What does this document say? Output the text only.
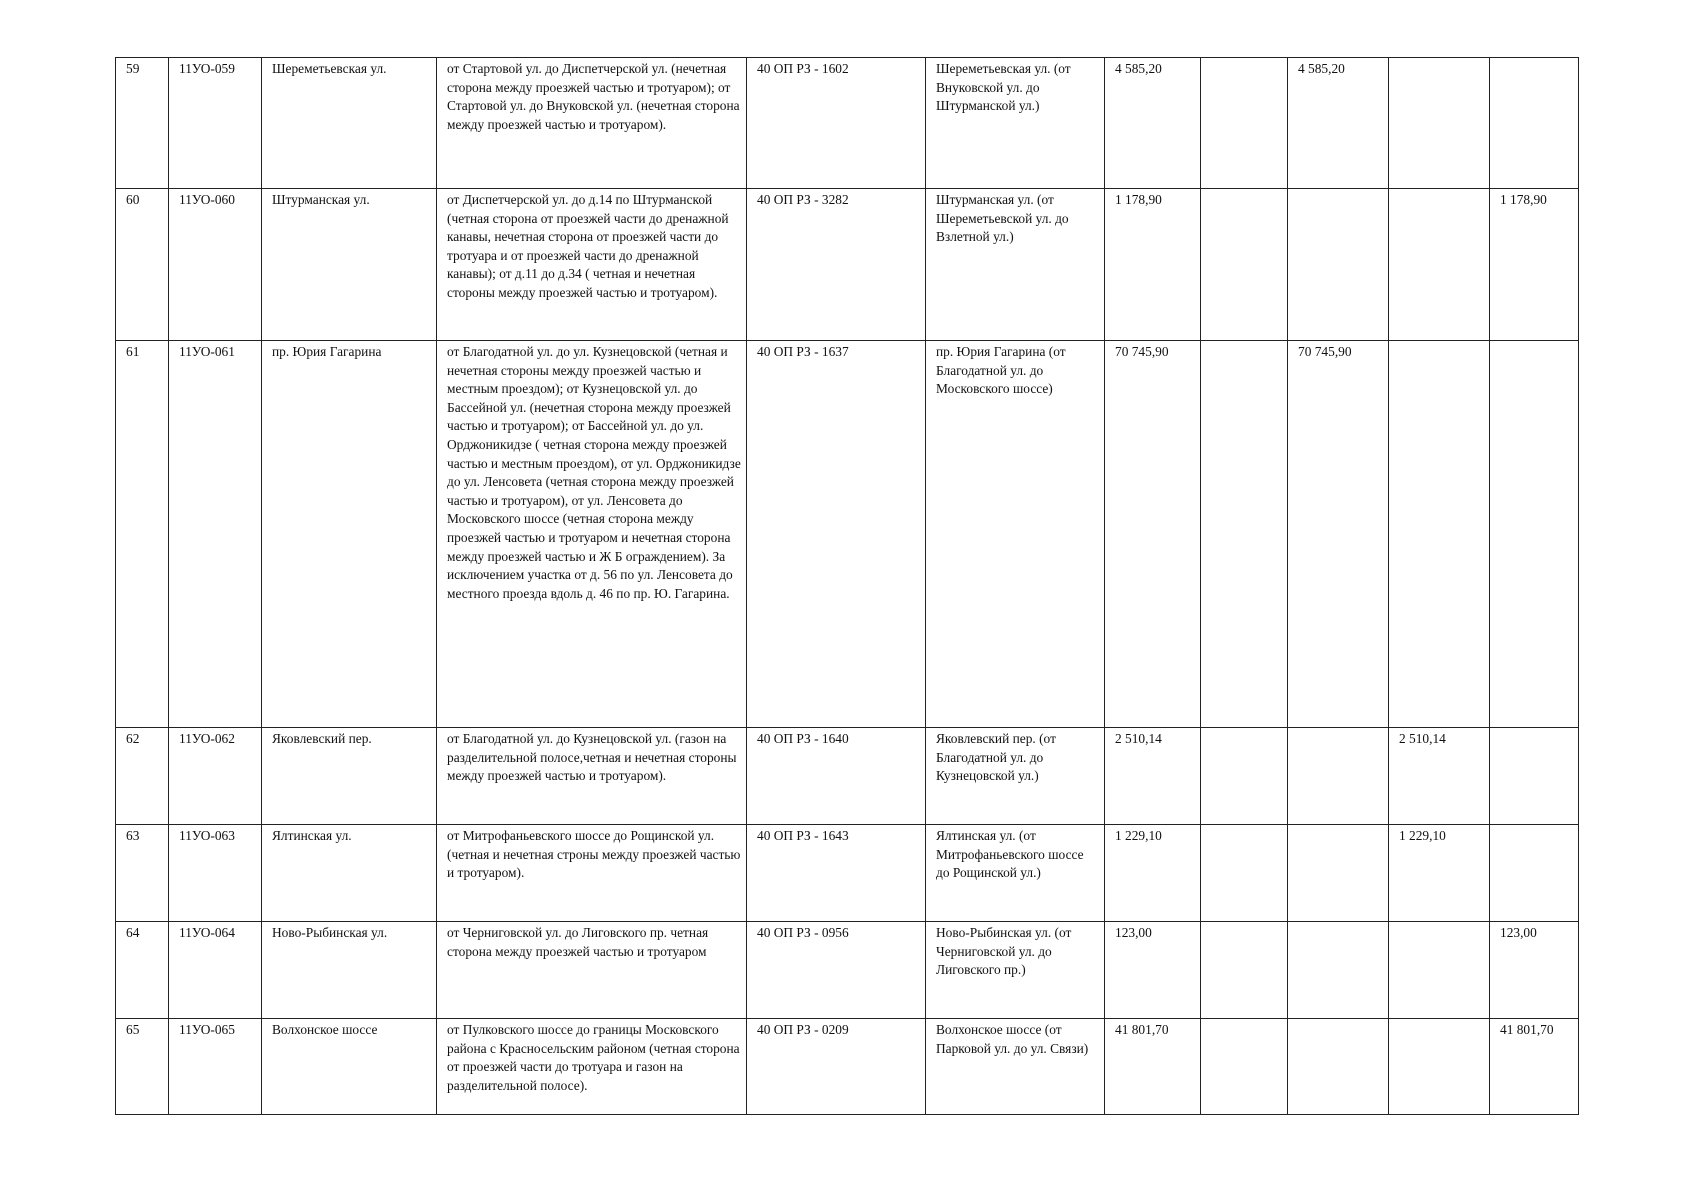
59	11УО-059	Шереметьевская ул.	от Стартовой ул. до Диспетчерской ул. (нечетная сторона между проезжей частью и тротуаром); от Стартовой ул. до Внуковской ул. (нечетная сторона между проезжей частью и тротуаром).	40 ОП РЗ - 1602	Шереметьевская ул. (от Внуковской ул. до Штурманской ул.)	4 585,20		4 585,20		
60	11УО-060	Штурманская ул.	от Диспетчерской ул. до д.14 по Штурманской (четная сторона от проезжей части до дренажной канавы, нечетная сторона от проезжей части до тротуара и от проезжей части до дренажной канавы); от д.11 до д.34 ( четная и нечетная стороны между проезжей частью и тротуаром).	40 ОП РЗ - 3282	Штурманская ул. (от Шереметьевской ул. до Взлетной ул.)	1 178,90				1 178,90
61	11УО-061	пр. Юрия Гагарина	от Благодатной ул. до ул. Кузнецовской (четная и нечетная стороны между проезжей частью и местным проездом); от Кузнецовской ул. до Бассейной ул. (нечетная сторона между проезжей частью и тротуаром); от Бассейной ул. до ул. Орджоникидзе ( четная сторона между проезжей частью и местным проездом), от ул. Орджоникидзе до ул. Ленсовета (четная сторона между проезжей частью и тротуаром), от ул. Ленсовета до Московского шоссе (четная сторона между проезжей частью и тротуаром и нечетная сторона между проезжей частью и Ж Б ограждением). За исключением участка от д. 56 по ул. Ленсовета до местного проезда вдоль д. 46 по пр. Ю. Гагарина.	40 ОП РЗ - 1637	пр. Юрия Гагарина (от Благодатной ул. до Московского шоссе)	70 745,90		70 745,90		
62	11УО-062	Яковлевский пер.	от Благодатной ул. до Кузнецовской ул. (газон на разделительной полосе,четная и нечетная стороны между проезжей частью и тротуаром).	40 ОП РЗ - 1640	Яковлевский пер. (от Благодатной ул. до Кузнецовской ул.)	2 510,14			2 510,14	
63	11УО-063	Ялтинская ул.	от Митрофаньевского шоссе до Рощинской ул. (четная и нечетная строны между проезжей частью и тротуаром).	40 ОП РЗ - 1643	Ялтинская ул. (от Митрофаньевского шоссе до Рощинской ул.)	1 229,10			1 229,10	
64	11УО-064	Ново-Рыбинская ул.	от Черниговской ул. до Лиговского пр. четная сторона между проезжей частью и тротуаром	40 ОП РЗ - 0956	Ново-Рыбинская ул. (от Черниговской ул. до Лиговского пр.)	123,00				123,00
65	11УО-065	Волхонское шоссе	от Пулковского шоссе до границы Московского района с Красносельским районом (четная сторона от проезжей части до тротуара и газон на разделительной полосе).	40 ОП РЗ - 0209	Волхонское шоссе (от Парковой ул. до ул. Связи)	41 801,70				41 801,70
